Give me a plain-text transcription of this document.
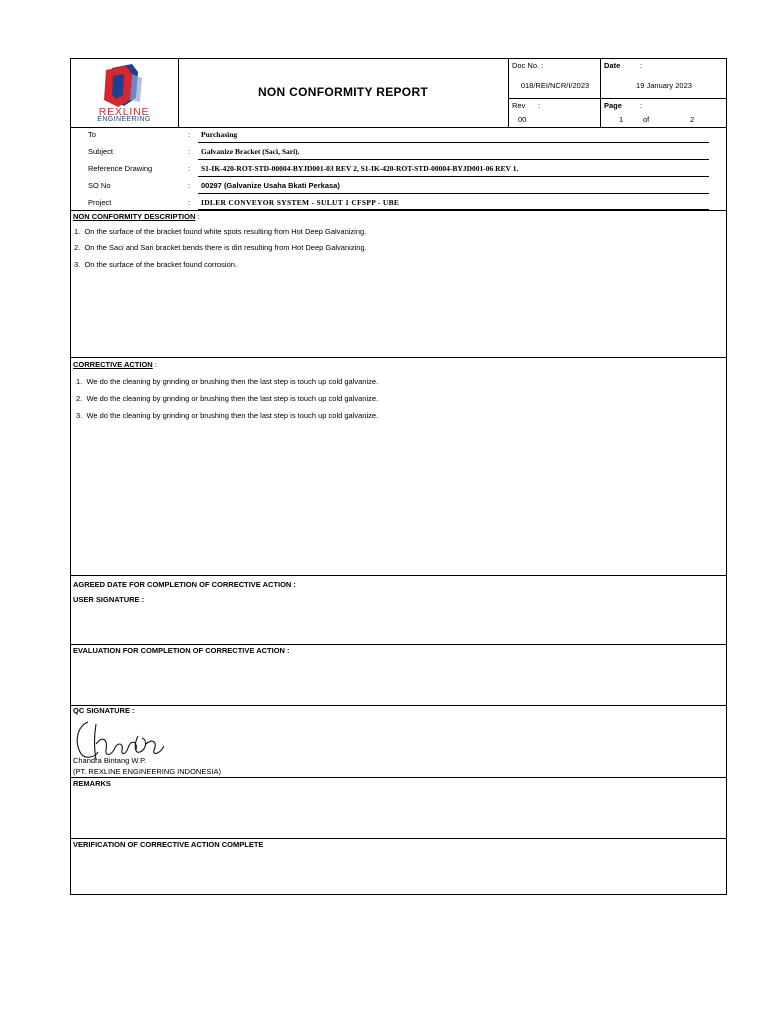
REXLINE
ENGINEERING
NON CONFORMITY REPORT
Doc No. :
018/REI/NCR/I/2023
Date	:
19 January 2023
Rev :
00
Page :
1	of	2
To	: Purchasing
Subject	: Galvanize Bracket (Saci, Sari).
Reference Drawing	: S1-IK-420-ROT-STD-00004-BYJD001-03 REV 2, S1-IK-420-ROT-STD-00004-BYJD001-06 REV 1.
SO No	: 00297 (Galvanize Usaha Bkati Perkasa)
Project	: IDLER CONVEYOR SYSTEM - SULUT 1 CFSPP - UBE
NON CONFORMITY DESCRIPTION :
1. On the surface of the bracket found white spots resulting from Hot Deep Galvanizing.
2. On the Saci and Sari bracket bends there is dirt resulting from Hot Deep Galvanizing.
3. On the surface of the bracket found corrosion.
CORRECTIVE ACTION :
1. We do the cleaning by grinding or brushing then the last step is touch up cold galvanize.
2. We do the cleaning by grinding or brushing then the last step is touch up cold galvanize.
3. We do the cleaning by grinding or brushing then the last step is touch up cold galvanize.
AGREED DATE FOR COMPLETION OF CORRECTIVE ACTION :
USER SIGNATURE :
EVALUATION FOR COMPLETION OF CORRECTIVE ACTION :
QC SIGNATURE :
Chandra Bintang W.P.
(PT. REXLINE ENGINEERING INDONESIA)
REMARKS
VERIFICATION OF CORRECTIVE ACTION COMPLETE
